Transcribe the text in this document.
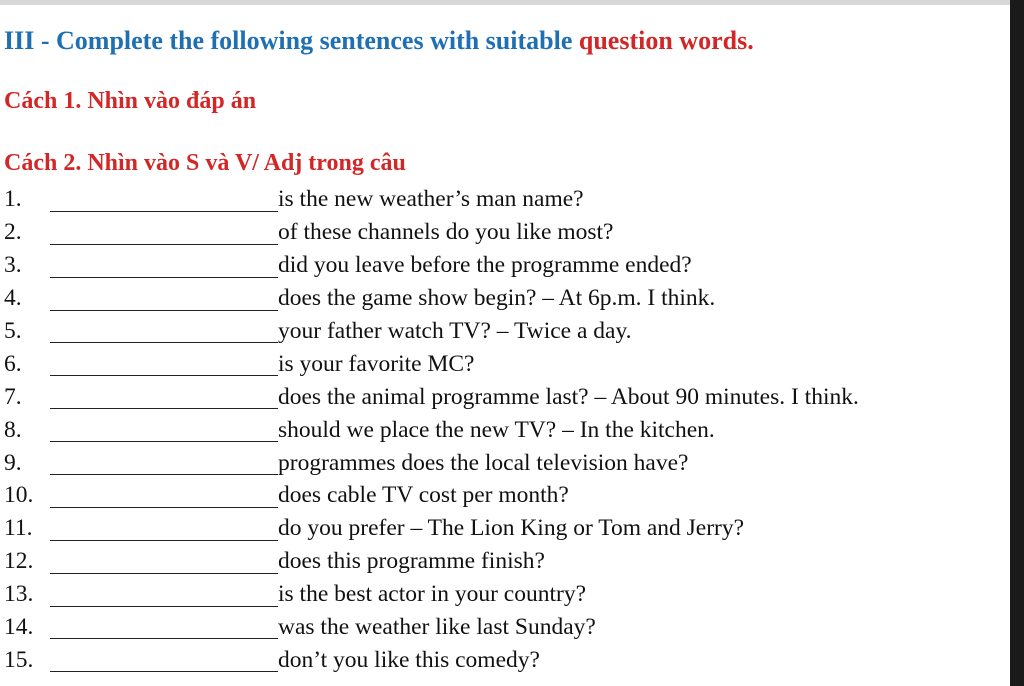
III - Complete the following sentences with suitable question words.
Cách 1. Nhìn vào đáp án
Cách 2. Nhìn vào S và V/ Adj trong câu
1.	is the new weather’s man name?
2.	of these channels do you like most?
3.	did you leave before the programme ended?
4.	does the game show begin? – At 6p.m. I think.
5.	your father watch TV? – Twice a day.
6.	is your favorite MC?
7.	does the animal programme last? – About 90 minutes. I think.
8.	should we place the new TV? – In the kitchen.
9.	programmes does the local television have?
10.	does cable TV cost per month?
11.	do you prefer – The Lion King or Tom and Jerry?
12.	does this programme finish?
13.	is the best actor in your country?
14.	was the weather like last Sunday?
15.	don’t you like this comedy?
